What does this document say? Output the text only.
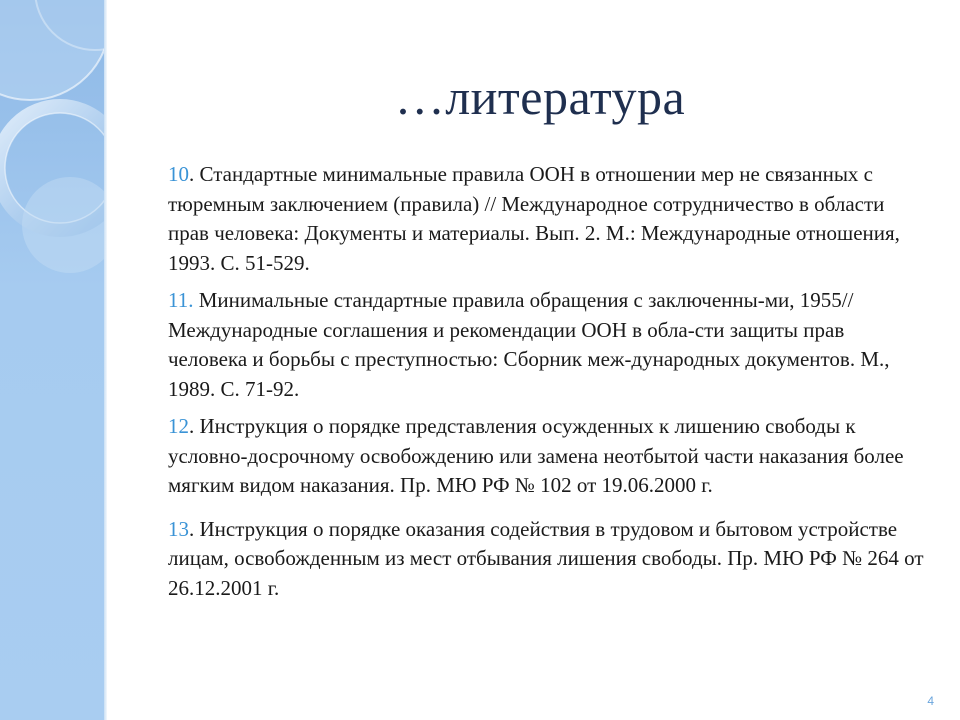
…литература

10. Стандартные минимальные правила ООН в отношении мер не связанных с тюремным заключением (правила) // Международное сотрудничество в области прав человека: Документы и материалы. Вып. 2. М.: Международные отношения, 1993. С. 51-529.

11. Минимальные стандартные правила обращения с заключенны-ми, 1955// Международные соглашения и рекомендации ООН в обла-сти защиты прав человека и борьбы с преступностью: Сборник меж-дународных документов. М., 1989. С. 71-92.

12. Инструкция о порядке представления осужденных к лишению свободы к условно-досрочному освобождению или замена неотбытой части наказания более мягким видом наказания. Пр. МЮ РФ № 102 от 19.06.2000 г.

13. Инструкция о порядке оказания содействия в трудовом и бытовом устройстве лицам, освобожденным из мест отбывания лишения свободы. Пр. МЮ РФ № 264 от 26.12.2001 г.

4
